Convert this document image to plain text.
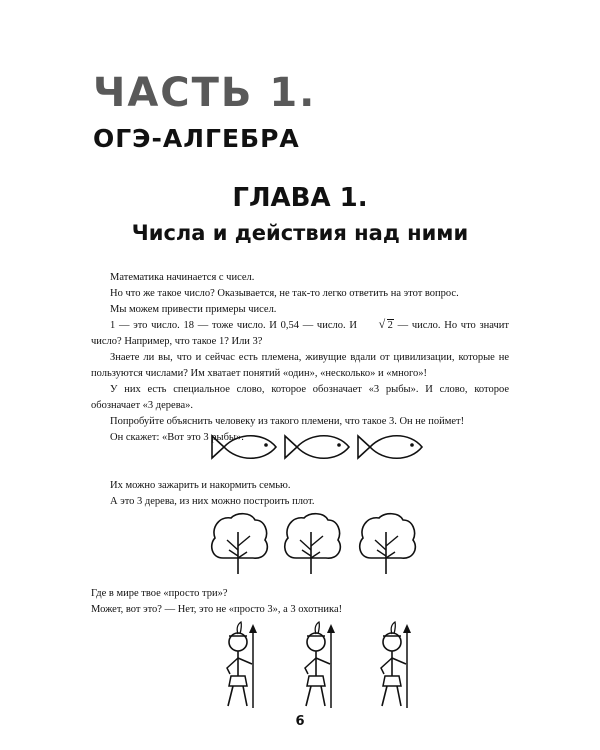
ЧАСТЬ 1.
ОГЭ-АЛГЕБРА
ГЛАВА 1.
Числа и действия над ними

Математика начинается с чисел.

Но что же такое число? Оказывается, не так-то легко ответить на этот вопрос.

Мы можем привести примеры чисел.

1 — это число. 18 — тоже число. И 0,54 — число. И	√ 2 — число. Но что значит число? Например, что такое 1? Или 3?

Знаете ли вы, что и сейчас есть племена, живущие вдали от цивилизации, которые не пользуются числами? Им хватает понятий «один», «несколько» и «много»!

У них есть специальное слово, которое обозначает «3 рыбы». И слово, которое обозначает «3 дерева».

Попробуйте объяснить человеку из такого племени, что такое 3. Он не поймет!

Он скажет: «Вот это 3 рыбы».

Их можно зажарить и накормить семью.

А это 3 дерева, из них можно построить плот.

Где в мире твое «просто три»?

Может, вот это? — Нет, это не «просто 3», а 3 охотника!

6
